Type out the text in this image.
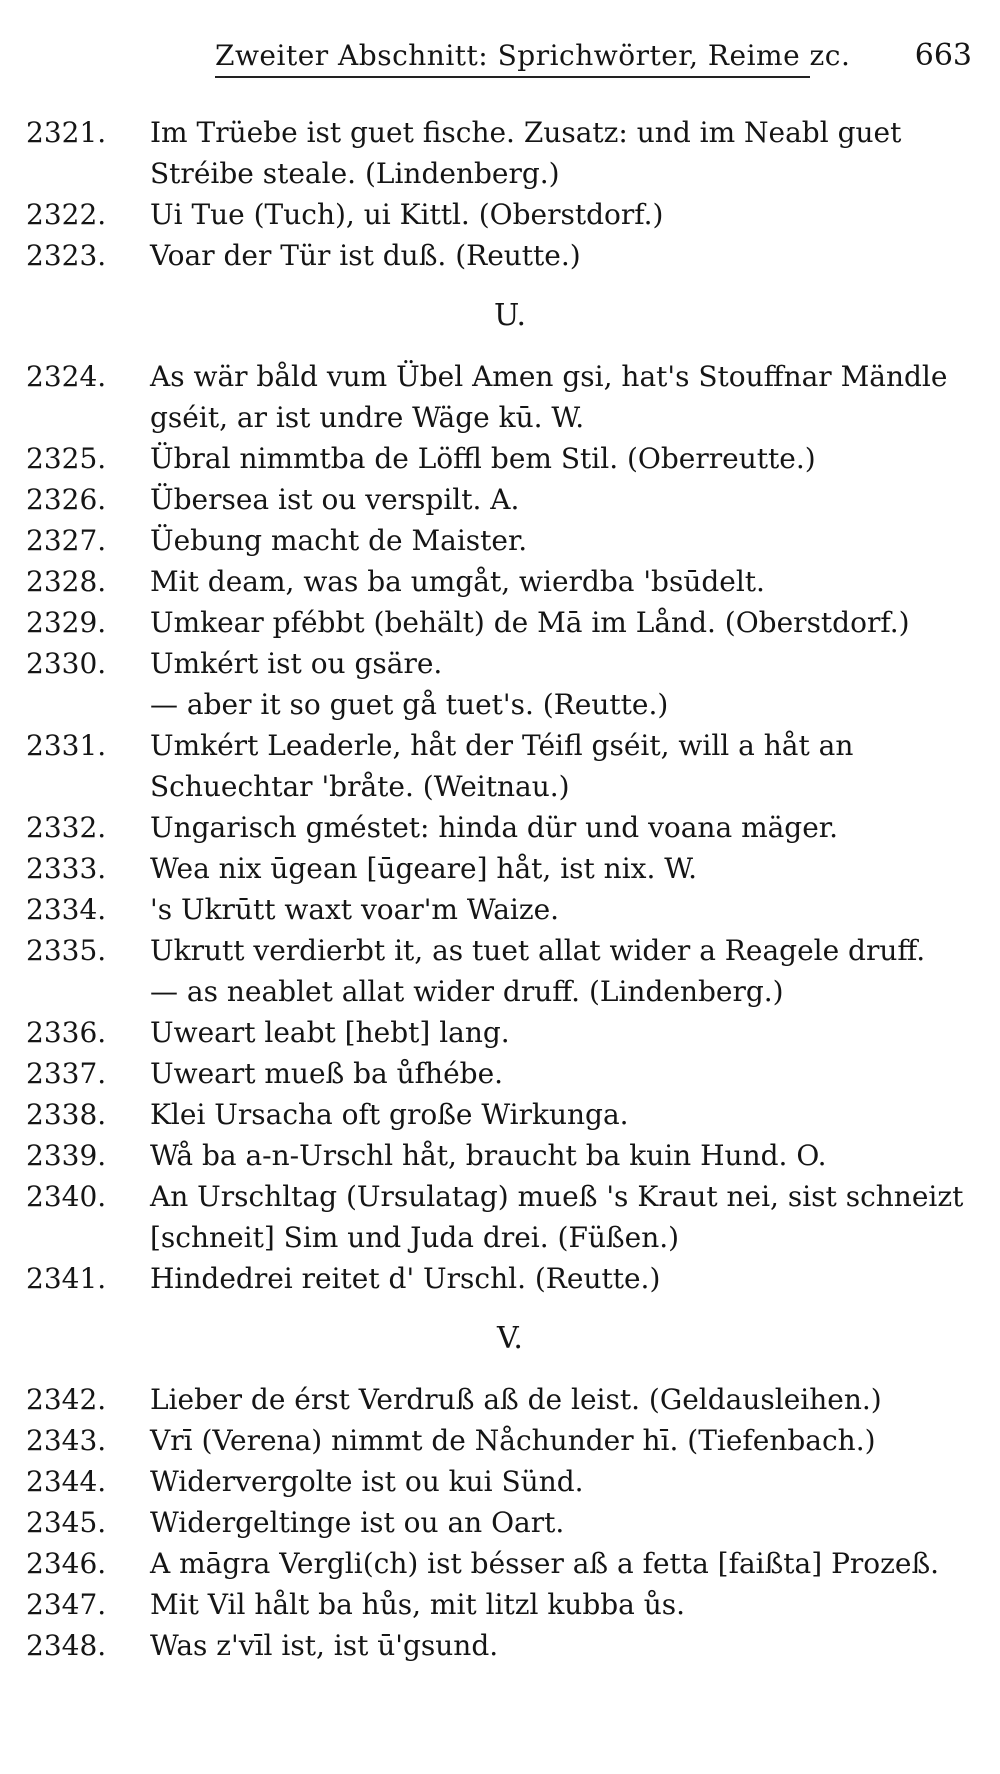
Zweiter Abschnitt: Sprichwörter, Reime zc. 663
2321.	Im Trüebe ist guet fische. Zusatz: und im Neabl guet
Stréibe steale. (Lindenberg.)
2322.	Ui Tue (Tuch), ui Kittl. (Oberstdorf.)
2323.	Voar der Tür ist duß. (Reutte.)
U.
2324.	As wär båld vum Übel Amen gsi, hat's Stouffnar Mändle
gséit, ar ist undre Wäge kū. W.
2325.	Übral nimmtba de Löffl bem Stil. (Oberreutte.)
2326.	Übersea ist ou verspilt. A.
2327.	Üebung macht de Maister.
2328.	Mit deam, was ba umgåt, wierdba 'bsūdelt.
2329.	Umkear pfébbt (behält) de Mā im Lånd. (Oberstdorf.)
2330.	Umkért ist ou gsäre.
— aber it so guet gå tuet's. (Reutte.)
2331.	Umkért Leaderle, håt der Téifl gséit, will a håt an
Schuechtar 'bråte. (Weitnau.)
2332.	Ungarisch gméstet: hinda dür und voana mäger.
2333.	Wea nix ūgean [ūgeare] håt, ist nix. W.
2334.	's Ukrūtt waxt voar'm Waize.
2335.	Ukrutt verdierbt it, as tuet allat wider a Reagele druff.
— as neablet allat wider druff. (Lindenberg.)
2336.	Uweart leabt [hebt] lang.
2337.	Uweart mueß ba ůfhébe.
2338.	Klei Ursacha oft große Wirkunga.
2339.	Wå ba a-n-Urschl håt, braucht ba kuin Hund. O.
2340.	An Urschltag (Ursulatag) mueß 's Kraut nei, sist schneizt
[schneit] Sim und Juda drei. (Füßen.)
2341.	Hindedrei reitet d' Urschl. (Reutte.)
V.
2342.	Lieber de érst Verdruß aß de leist. (Geldausleihen.)
2343.	Vrī (Verena) nimmt de Nåchunder hī. (Tiefenbach.)
2344.	Widervergolte ist ou kui Sünd.
2345.	Widergeltinge ist ou an Oart.
2346.	A māgra Vergli(ch) ist bésser aß a fetta [faißta] Prozeß.
2347.	Mit Vil hålt ba hůs, mit litzl kubba ůs.
2348.	Was z'vīl ist, ist ū'gsund.
